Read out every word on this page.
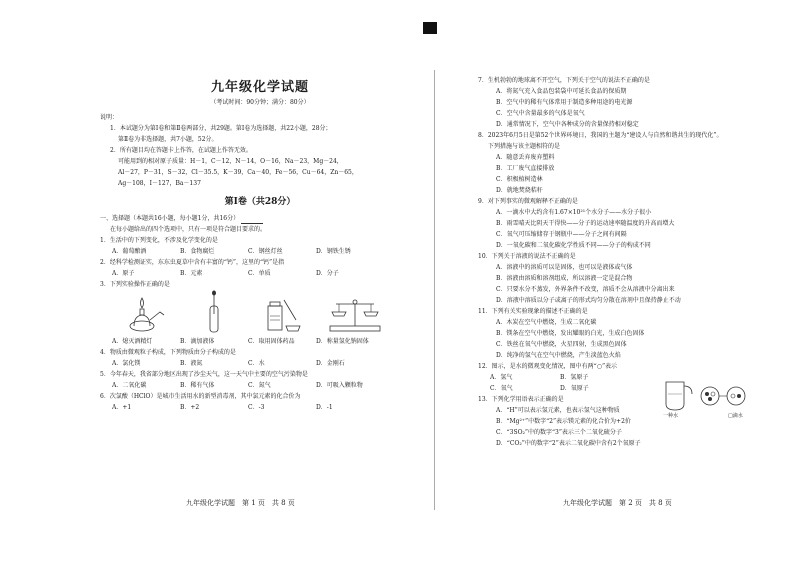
九年级化学试题
（考试时间：90分钟；满分：80分）
说明：
1．本试题分为第Ⅰ卷和第Ⅱ卷两部分，共29题。第Ⅰ卷为选择题，共22小题，28分；
第Ⅱ卷为非选择题，共7小题，52分。
2．所有题目均在答题卡上作答，在试题上作答无效。
可能用到的相对原子质量：H－1，C－12，N－14，O－16，Na－23，Mg－24，
Al－27，P－31，S－32，Cl－35.5，K－39，Ca－40，Fe－56，Cu－64，Zn－65，
Ag－108，I－127，Ba－137
第Ⅰ卷（共28分）
一、选择题（本题共16小题，每小题1分，共16分）
在每小题给出的四个选项中，只有一项是符合题目要求的。
1．生活中的下列变化，不涉及化学变化的是
A．葡萄酿酒	B．食物腐烂	C．钢丝灯丝	D．钢铁生锈
2．经科学检测证实，东东虫夏草中含有丰富的“钙”，这里的“钙”是指
A．原子	B．元素	C．单质	D．分子
3．下列实验操作正确的是
A．熄灭酒精灯	B．滴加液体	C．取用固体药品	D．称量氢化钠固体
4．物质由微观粒子构成，下列物质由分子构成的是
A．氯化镁	B．液氮	C．水	D．金刚石
5．今年春天，我省部分地区出现了沙尘天气，这一天气中主要的空气污染物是
A．二氧化碳	B．稀有气体	C．氮气	D．可吸入颗粒物
6．次氯酸（HClO）是城市生活用水的新型消毒剂，其中氯元素的化合价为
A．+1	B．+2	C．-3	D．-1
九年级化学试题　第 1 页　共 8 页
7．生机勃勃的地球离不开空气，下列关于空气的说法不正确的是
A．将氮气充入食品包装袋中可延长食品的保质期
B．空气中的稀有气体常用于制造多种用途的电光源
C．空气中含量最多的气体是氧气
D．通常情况下，空气中各种成分的含量保持相对稳定
8．2023年6月5日是第52个世界环境日，我国的主题为“建设人与自然和谐共生的现代化”。
下列措施与该主题相符的是
A．随意丢弃废弃塑料
B．工厂废气直接排放
C．积极植树造林
D．就地焚烧秸秆
9．对下列事实的微观解释不正确的是
A．一滴水中大约含有1.67×10²¹个水分子——水分子很小
B．雨雪晴天比阴天干得快——分子的运动速率随温度的升高而增大
C．氧气可压缩储存于钢瓶中——分子之间有间隔
D．一氧化碳和二氧化碳化学性质不同——分子的构成不同
10．下列关于溶液的说法不正确的是
A．溶液中的溶质可以是固体，也可以是液体或气体
B．溶液由溶质和溶剂组成，所以溶液一定是混合物
C．只要水分不蒸发，外界条件不改变，溶质不会从溶液中分离出来
D．溶液中溶质以分子或离子的形式均匀分散在溶剂中且保持静止不动
11．下列有关实验现象的描述不正确的是
A．木炭在空气中燃烧，生成二氧化碳
B．镁条在空气中燃烧，发出耀眼的白光，生成白色固体
C．铁丝在氧气中燃烧，火星四射，生成黑色固体
D．纯净的氢气在空气中燃烧，产生淡蓝色火焰
12．图示，是水的微观变化情况，图中有两“○”表示
A．氢气	B．氢原子
C．氧气	D．氧原子
13．下列化学用语表示正确的是
A．“H”可以表示氢元素，也表示氢气这种物质
B．“Mg²⁺”中数字“2”表示镁元素的化合价为+2价
C．“3SO₂”中的数字“3”表示三个二氧化硫分子
D．“CO₂”中的数字“2”表示二氧化碳中含有2个氧原子
一种水	□滴水
九年级化学试题　第 2 页　共 8 页
